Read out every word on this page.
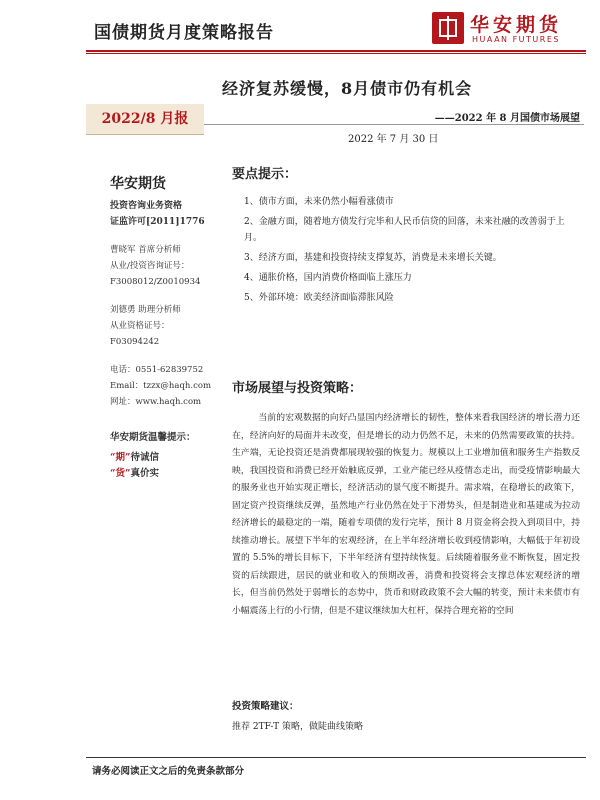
国债期货月度策略报告	华安期货
HUAAN FUTURES
经济复苏缓慢，8月债市仍有机会
2022/8 月报	——2022 年 8 月国债市场展望
2022 年 7 月 30 日
华安期货
投资咨询业务资格
证监许可[2011]1776
曹晓军 首席分析师
从业/投资咨询证号：
F3008012/Z0010934
刘德勇 助理分析师
从业资格证号：
F03094242
电话：0551-62839752
Email：tzzx@haqh.com
网址：www.haqh.com
华安期货温馨提示：
“期”待诚信
“货”真价实
要点提示：
1、债市方面，未来仍然小幅看涨债市
2、金融方面，随着地方债发行完毕和人民币信贷的回落，未来社融的改善弱于上月。
3、经济方面，基建和投资持续支撑复苏，消费是未来增长关键。
4、通胀价格，国内消费价格面临上涨压力
5、外部环境：欧美经济面临滞胀风险
市场展望与投资策略：

当前的宏观数据的向好凸显国内经济增长的韧性，整体来看我国经济的增长潜力还在，经济向好的局面并未改变，但是增长的动力仍然不足，未来的仍然需要政策的扶持。生产端，无论投资还是消费都展现较强的恢复力。规模以上工业增加值和服务生产指数反映，我国投资和消费已经开始触底反弹，工业产能已经从疫情态走出，而受疫情影响最大的服务业也开始实现正增长，经济活动的景气度不断提升。需求端，在稳增长的政策下，固定资产投资继续反弹，虽然地产行业仍然在处于下滑势头，但是制造业和基建成为拉动经济增长的最稳定的一端，随着专项债的发行完毕，预计 8 月资金将会投入到项目中，持续推动增长。展望下半年的宏观经济，在上半年经济增长收到疫情影响，大幅低于年初设置的 5.5%的增长目标下，下半年经济有望持续恢复。后续随着服务业不断恢复，固定投资的后续跟进，居民的就业和收入的预期改善，消费和投资将会支撑总体宏观经济的增长，但当前仍然处于弱增长的态势中，货币和财政政策不会大幅的转变，预计未来债市有小幅震荡上行的小行情，但是不建议继续加大杠杆，保持合理充裕的空间

投资策略建议：
推荐 2TF-T 策略，做陡曲线策略
请务必阅读正文之后的免责条款部分
